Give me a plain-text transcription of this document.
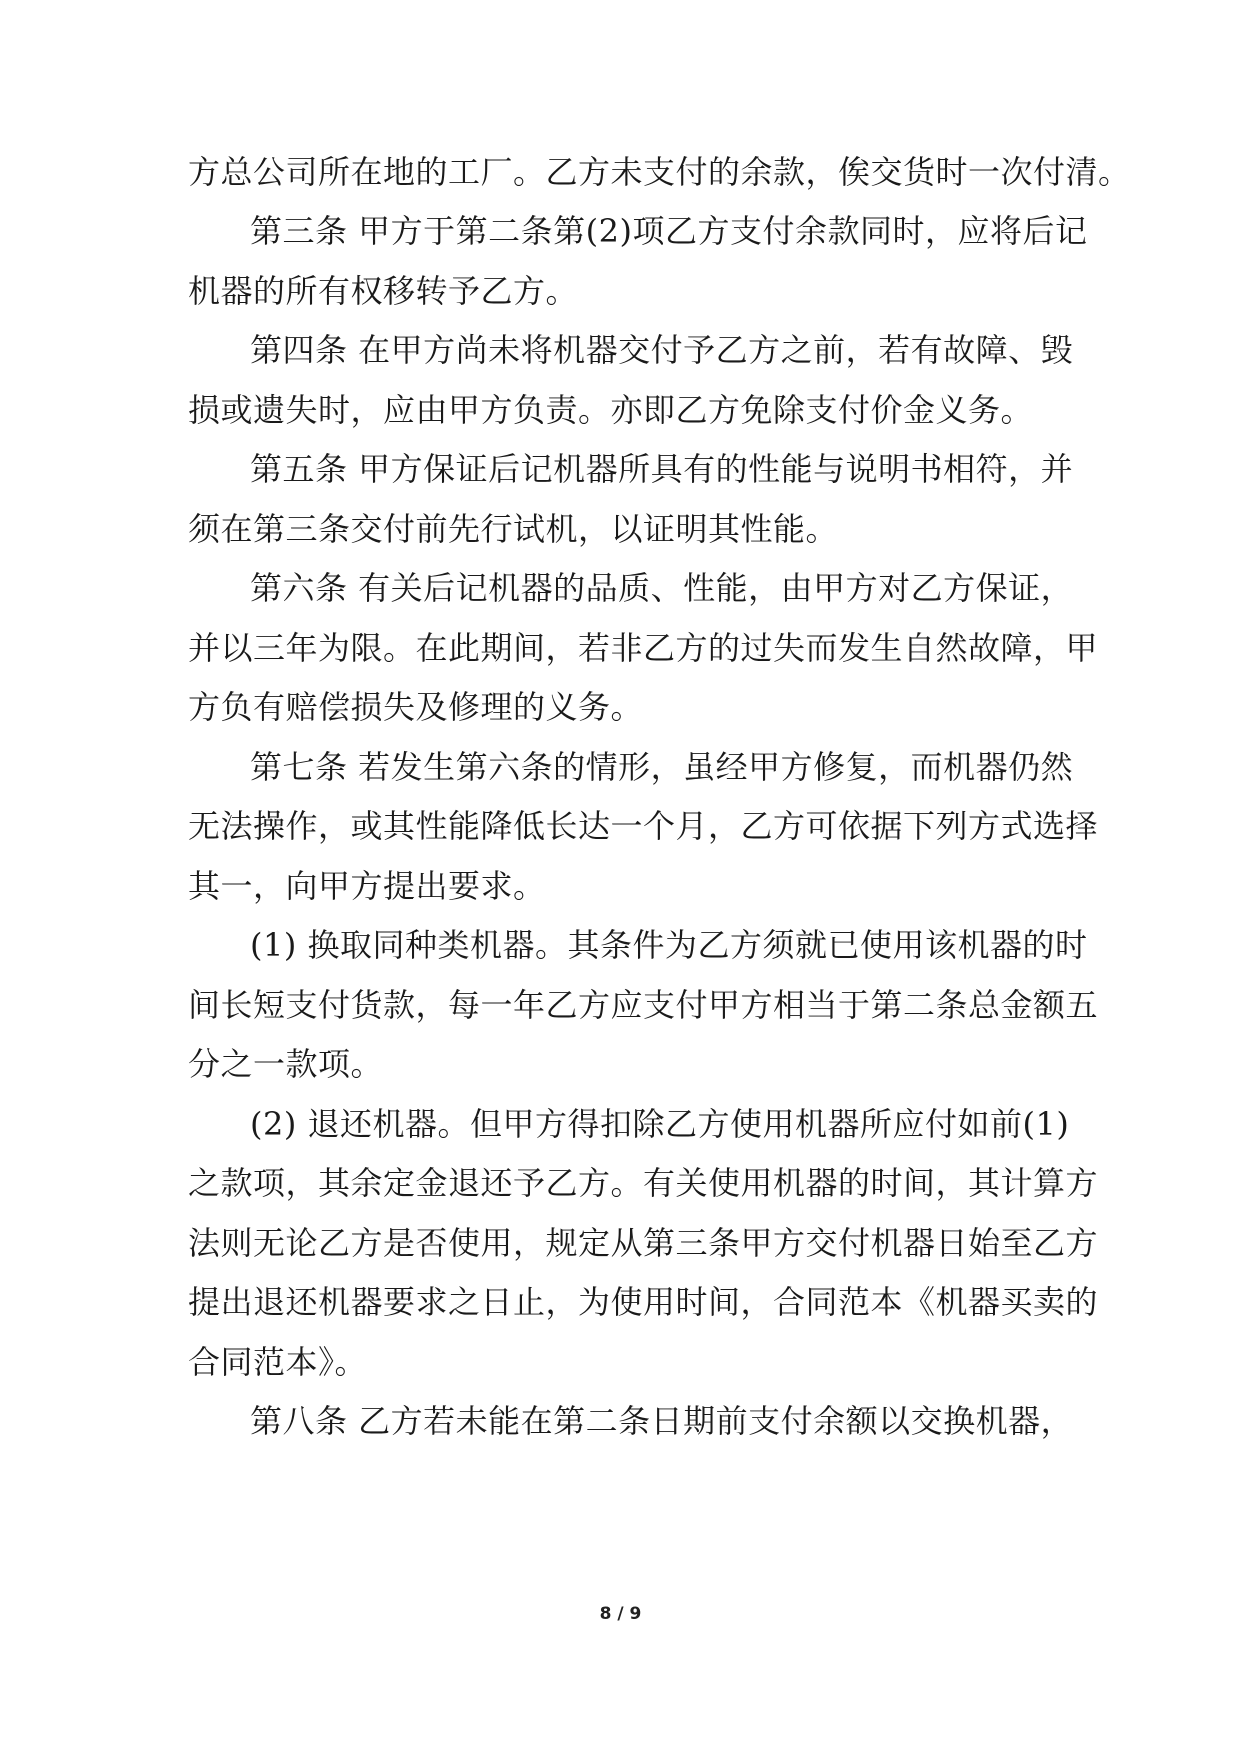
方总公司所在地的工厂。乙方未支付的余款，俟交货时一次付清。
第三条 甲方于第二条第(2)项乙方支付余款同时，应将后记
机器的所有权移转予乙方。
第四条 在甲方尚未将机器交付予乙方之前，若有故障、毁
损或遗失时，应由甲方负责。亦即乙方免除支付价金义务。
第五条 甲方保证后记机器所具有的性能与说明书相符，并
须在第三条交付前先行试机，以证明其性能。
第六条 有关后记机器的品质、性能，由甲方对乙方保证，
并以三年为限。在此期间，若非乙方的过失而发生自然故障，甲
方负有赔偿损失及修理的义务。
第七条 若发生第六条的情形，虽经甲方修复，而机器仍然
无法操作，或其性能降低长达一个月，乙方可依据下列方式选择
其一，向甲方提出要求。
(1) 换取同种类机器。其条件为乙方须就已使用该机器的时
间长短支付货款，每一年乙方应支付甲方相当于第二条总金额五
分之一款项。
(2) 退还机器。但甲方得扣除乙方使用机器所应付如前(1)
之款项，其余定金退还予乙方。有关使用机器的时间，其计算方
法则无论乙方是否使用，规定从第三条甲方交付机器日始至乙方
提出退还机器要求之日止，为使用时间，合同范本《机器买卖的
合同范本》。
第八条 乙方若未能在第二条日期前支付余额以交换机器，
8 / 9
